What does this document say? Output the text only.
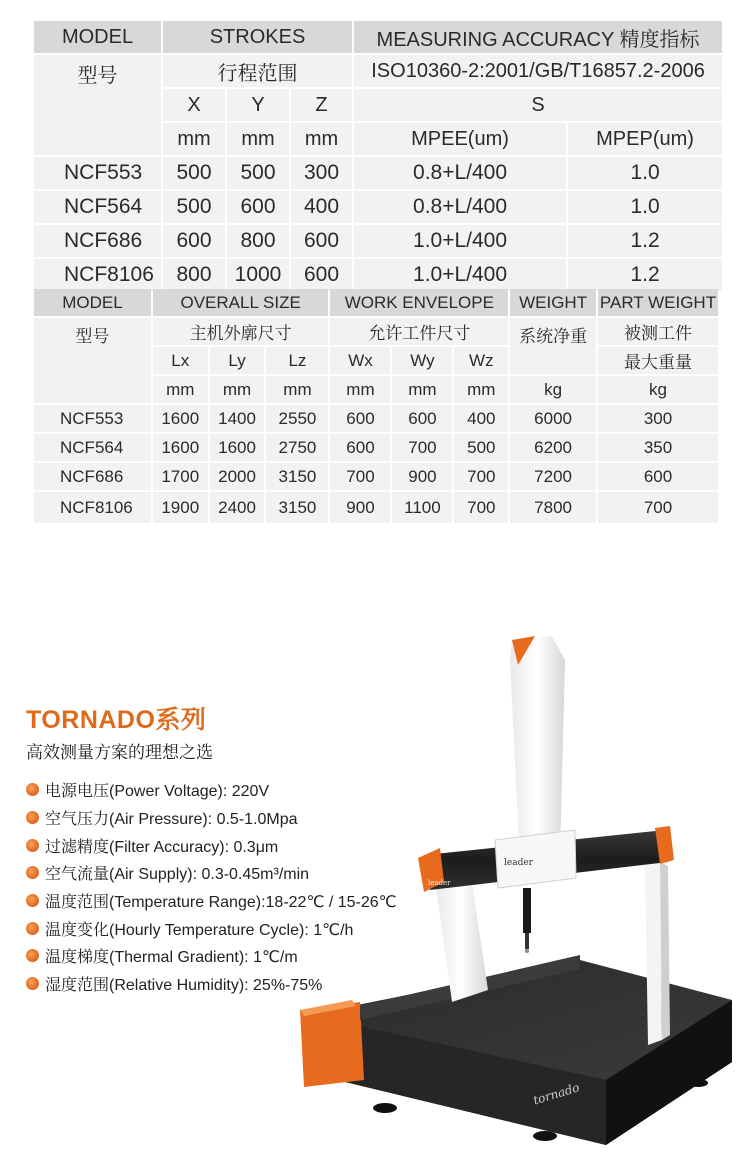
MODEL	STROKES			MEASURING ACCURACY 精度指标	
型号	行程范围			ISO10360-2:2001/GB/T16857.2-2006	
	X	Y	Z	S	
	mm	mm	mm	MPEE(um)	MPEP(um)
NCF553	500	500	300	0.8+L/400	1.0
NCF564	500	600	400	0.8+L/400	1.0
NCF686	600	800	600	1.0+L/400	1.2
NCF8106	800	1000	600	1.0+L/400	1.2
MODEL	OVERALL SIZE			WORK ENVELOPE			WEIGHT	PART WEIGHT
型号	主机外廓尺寸			允许工件尺寸			系统净重	被测工件
	Lx	Ly	Lz	Wx	Wy	Wz		最大重量
	mm	mm	mm	mm	mm	mm	kg	kg
NCF553	1600	1400	2550	600	600	400	6000	300
NCF564	1600	1600	2750	600	700	500	6200	350
NCF686	1700	2000	3150	700	900	700	7200	600
NCF8106	1900	2400	3150	900	1100	700	7800	700
leader
leader
tornado
TORNADO系列
高效测量方案的理想之选
电源电压(Power Voltage): 220V
空气压力(Air Pressure): 0.5-1.0Mpa
过滤精度(Filter Accuracy): 0.3μm
空气流量(Air Supply): 0.3-0.45m³/min
温度范围(Temperature Range):18-22℃ / 15-26℃
温度变化(Hourly Temperature Cycle): 1℃/h
温度梯度(Thermal Gradient): 1℃/m
湿度范围(Relative Humidity): 25%-75%
